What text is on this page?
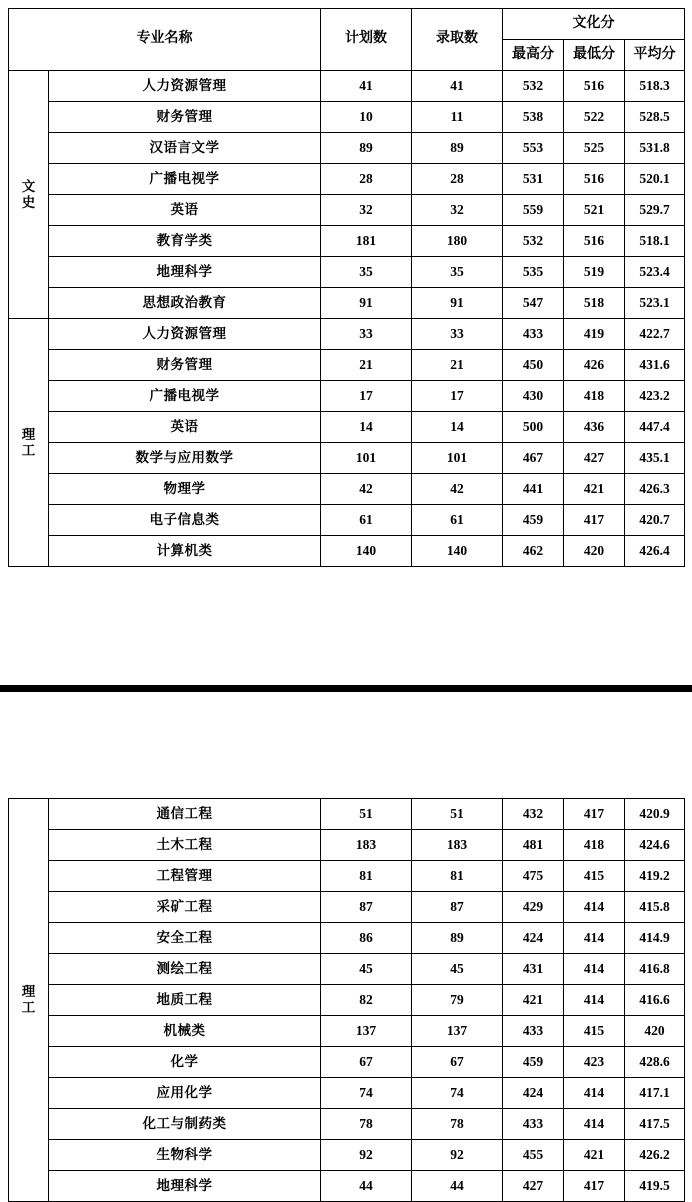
专业名称		计划数	录取数	文化分		
				最高分	最低分	平均分

文
史	人力资源管理	41	41	532	516	518.3
	财务管理	10	11	538	522	528.5
	汉语言文学	89	89	553	525	531.8
	广播电视学	28	28	531	516	520.1
	英语	32	32	559	521	529.7
	教育学类	181	180	532	516	518.1
	地理科学	35	35	535	519	523.4
	思想政治教育	91	91	547	518	523.1

理
工	人力资源管理	33	33	433	419	422.7
	财务管理	21	21	450	426	431.6
	广播电视学	17	17	430	418	423.2
	英语	14	14	500	436	447.4
	数学与应用数学	101	101	467	427	435.1
	物理学	42	42	441	421	426.3
	电子信息类	61	61	459	417	420.7
	计算机类	140	140	462	420	426.4
理
工	通信工程	51	51	432	417	420.9
	土木工程	183	183	481	418	424.6
	工程管理	81	81	475	415	419.2
	采矿工程	87	87	429	414	415.8
	安全工程	86	89	424	414	414.9
	测绘工程	45	45	431	414	416.8
	地质工程	82	79	421	414	416.6
	机械类	137	137	433	415	420
	化学	67	67	459	423	428.6
	应用化学	74	74	424	414	417.1
	化工与制药类	78	78	433	414	417.5
	生物科学	92	92	455	421	426.2
	地理科学	44	44	427	417	419.5
